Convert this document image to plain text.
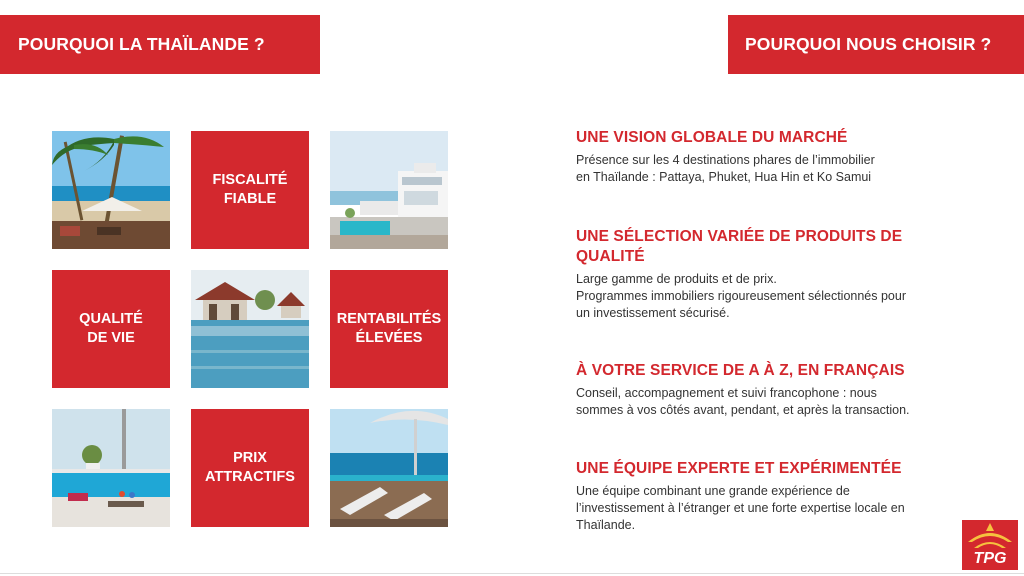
POURQUOI LA THAÏLANDE ?	POURQUOI NOUS CHOISIR ?
FISCALITÉ
FIABLE
QUALITÉ
DE VIE
RENTABILITÉS
ÉLEVÉES
PRIX
ATTRACTIFS
UNE VISION GLOBALE DU MARCHÉ

Présence sur les 4 destinations phares de l’immobilier
en Thaïlande : Pattaya, Phuket, Hua Hin et Ko Samui

UNE SÉLECTION VARIÉE DE PRODUITS DE
QUALITÉ

Large gamme de produits et de prix.
Programmes immobiliers rigoureusement sélectionnés pour
un investissement sécurisé.

À VOTRE SERVICE DE A À Z, EN FRANÇAIS

Conseil, accompagnement et suivi francophone : nous
sommes à vos côtés avant, pendant, et après la transaction.

UNE ÉQUIPE EXPERTE ET EXPÉRIMENTÉE

Une équipe combinant une grande expérience de
l’investissement à l’étranger et une forte expertise locale en
Thaïlande.

TPG
